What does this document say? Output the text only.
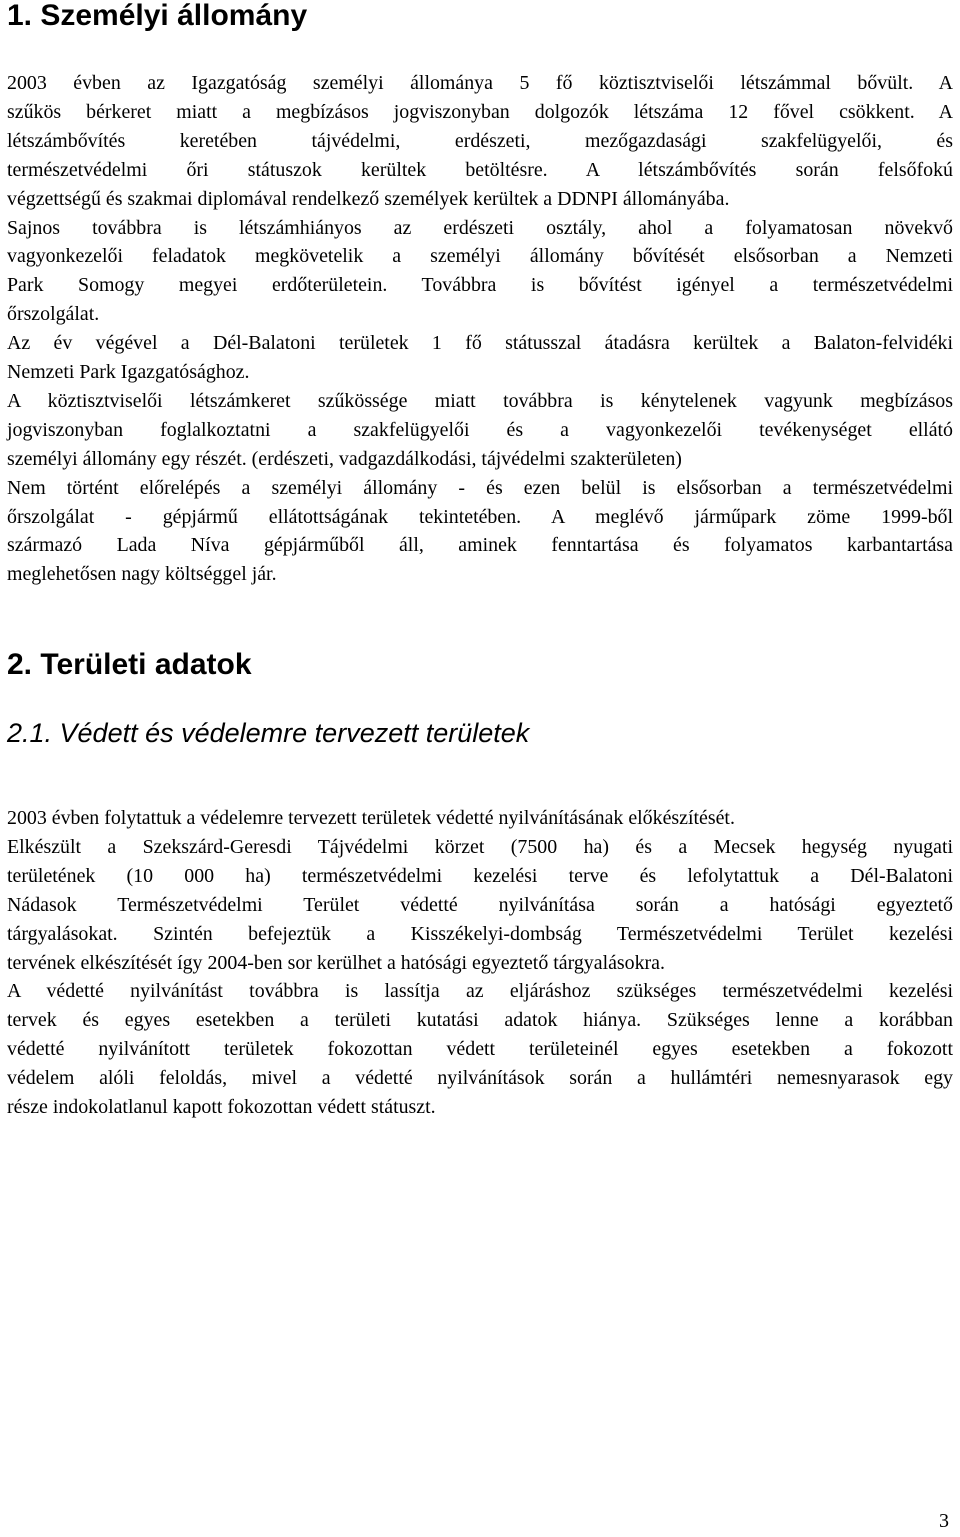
1. Személyi állomány
2003 évben az Igazgatóság személyi állománya 5 fő köztisztviselői létszámmal bővült. A
szűkös bérkeret miatt a megbízásos jogviszonyban dolgozók létszáma 12 fővel csökkent. A
létszámbővítés keretében tájvédelmi, erdészeti, mezőgazdasági szakfelügyelői, és
természetvédelmi őri státuszok kerültek betöltésre. A létszámbővítés során felsőfokú
végzettségű és szakmai diplomával rendelkező személyek kerültek a DDNPI állományába.
Sajnos továbbra is létszámhiányos az erdészeti osztály, ahol a folyamatosan növekvő
vagyonkezelői feladatok megkövetelik a személyi állomány bővítését elsősorban a Nemzeti
Park Somogy megyei erdőterületein. Továbbra is bővítést igényel a természetvédelmi
őrszolgálat.
Az év végével a Dél-Balatoni területek 1 fő státusszal átadásra kerültek a Balaton-felvidéki
Nemzeti Park Igazgatósághoz.
A köztisztviselői létszámkeret szűkössége miatt továbbra is kénytelenek vagyunk megbízásos
jogviszonyban foglalkoztatni a szakfelügyelői és a vagyonkezelői tevékenységet ellátó
személyi állomány egy részét. (erdészeti, vadgazdálkodási, tájvédelmi szakterületen)
Nem történt előrelépés a személyi állomány - és ezen belül is elsősorban a természetvédelmi
őrszolgálat - gépjármű ellátottságának tekintetében. A meglévő járműpark zöme 1999-ből
származó Lada Níva gépjárműből áll, aminek fenntartása és folyamatos karbantartása
meglehetősen nagy költséggel jár.
2. Területi adatok
2.1. Védett és védelemre tervezett területek
2003 évben folytattuk a védelemre tervezett területek védetté nyilvánításának előkészítését.
Elkészült a Szekszárd-Geresdi Tájvédelmi körzet (7500 ha) és a Mecsek hegység nyugati
területének (10 000 ha) természetvédelmi kezelési terve és lefolytattuk a Dél-Balatoni
Nádasok Természetvédelmi Terület védetté nyilvánítása során a hatósági egyeztető
tárgyalásokat. Szintén befejeztük a Kisszékelyi-dombság Természetvédelmi Terület kezelési
tervének elkészítését így 2004-ben sor kerülhet a hatósági egyeztető tárgyalásokra.
A védetté nyilvánítást továbbra is lassítja az eljáráshoz szükséges természetvédelmi kezelési
tervek és egyes esetekben a területi kutatási adatok hiánya. Szükséges lenne a korábban
védetté nyilvánított területek fokozottan védett területeinél egyes esetekben a fokozott
védelem alóli feloldás, mivel a védetté nyilvánítások során a hullámtéri nemesnyarasok egy
része indokolatlanul kapott fokozottan védett státuszt.
3
